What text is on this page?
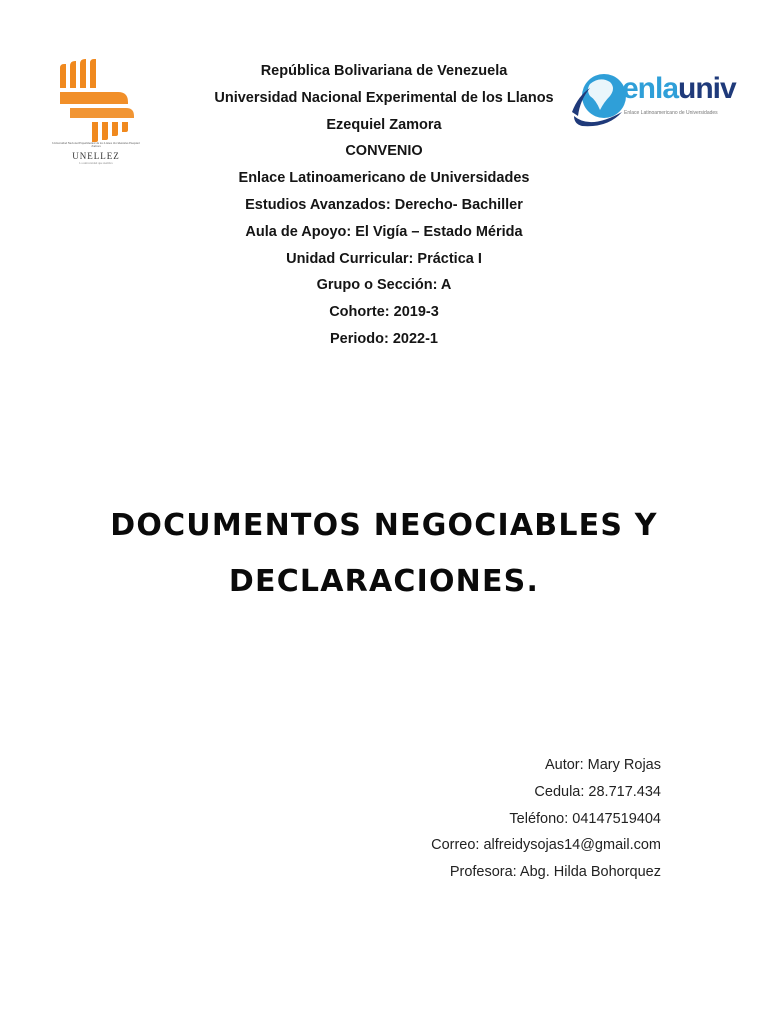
Universidad Nacional Experimental de los Llanos Occidentales Ezequiel Zamora
UNELLEZ
La universidad que siembra
enlauniv
Enlace Latinoamericano de Universidades
República Bolivariana de Venezuela
Universidad Nacional Experimental de los Llanos
Ezequiel Zamora
CONVENIO
Enlace Latinoamericano de Universidades
Estudios Avanzados: Derecho- Bachiller
Aula de Apoyo: El Vigía – Estado Mérida
Unidad Curricular: Práctica I
Grupo o Sección: A
Cohorte: 2019-3
Periodo: 2022-1
DOCUMENTOS NEGOCIABLES Y
DECLARACIONES.
Autor: Mary Rojas
Cedula: 28.717.434
Teléfono: 04147519404
Correo: alfreidysojas14@gmail.com
Profesora: Abg. Hilda Bohorquez
